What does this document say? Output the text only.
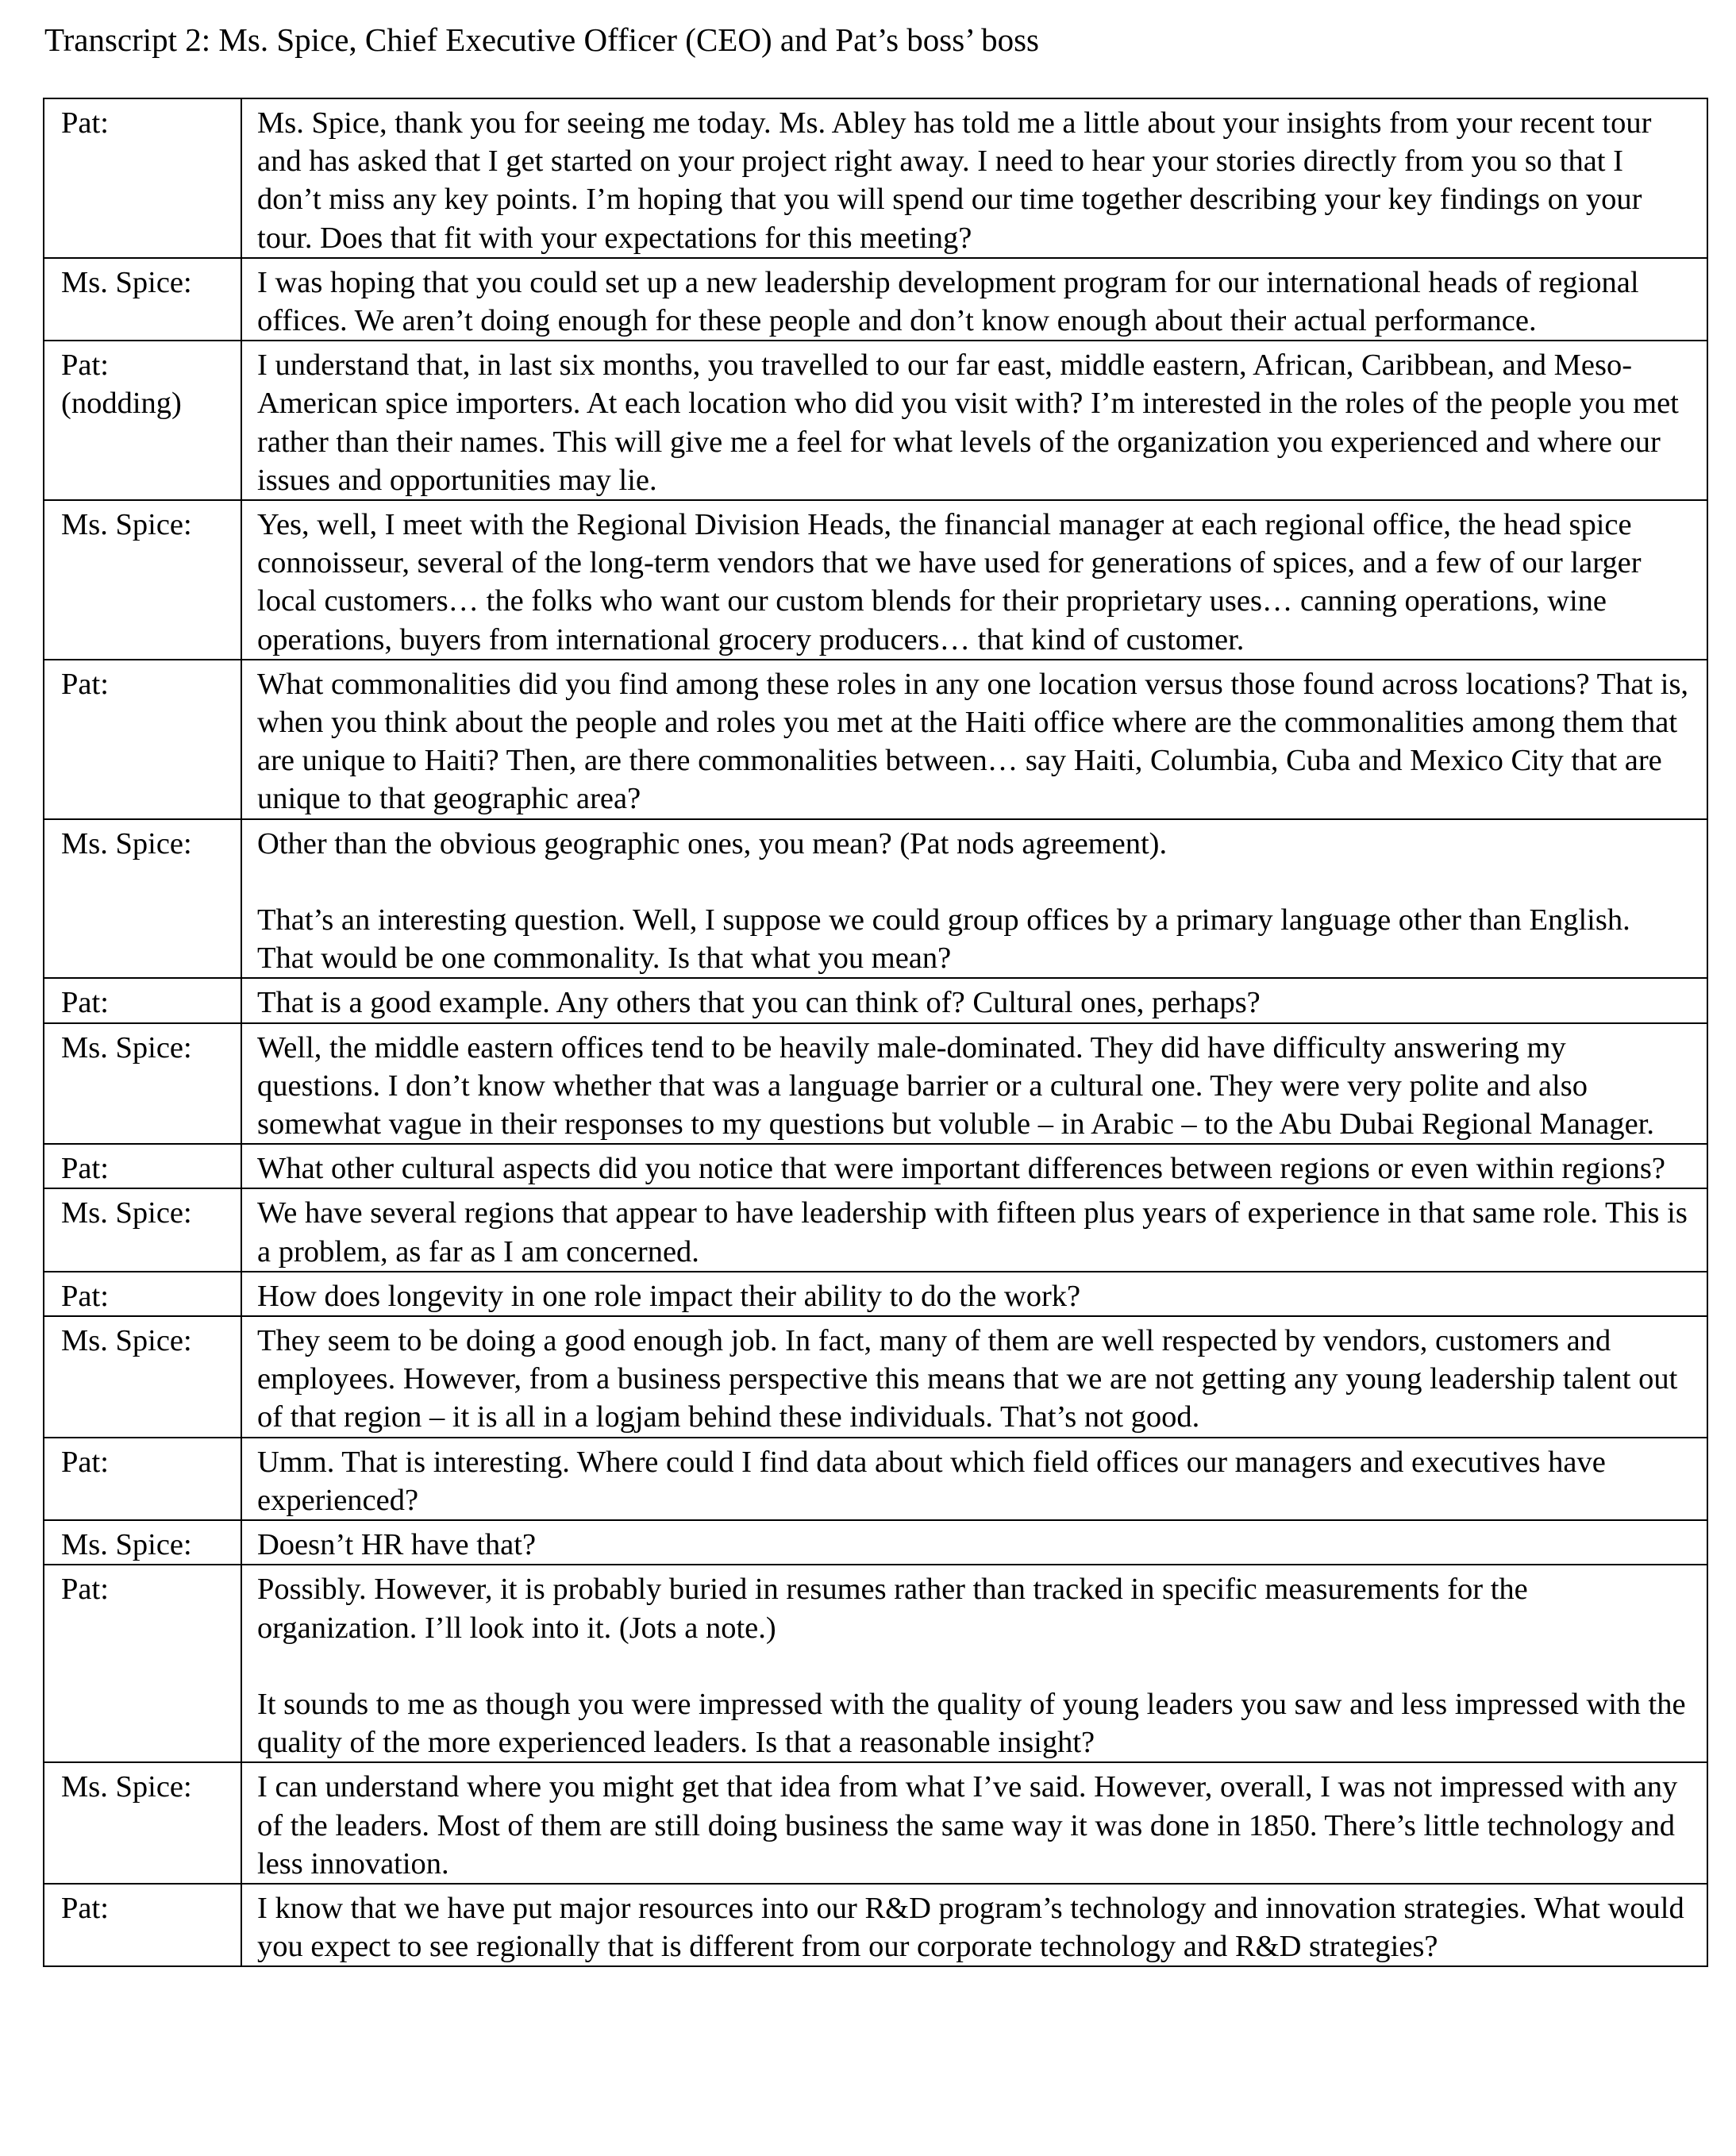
Transcript 2: Ms. Spice, Chief Executive Officer (CEO) and Pat’s boss’ boss
Pat:	Ms. Spice, thank you for seeing me today. Ms. Abley has told me a little about your insights from your recent tour and has asked that I get started on your project right away. I need to hear your stories directly from you so that I don’t miss any key points. I’m hoping that you will spend our time together describing your key findings on your tour. Does that fit with your expectations for this meeting?

Ms. Spice:	I was hoping that you could set up a new leadership development program for our international heads of regional offices. We aren’t doing enough for these people and don’t know enough about their actual performance.

Pat:
(nodding)	I understand that, in last six months, you travelled to our far east, middle eastern, African, Caribbean, and Meso-American spice importers. At each location who did you visit with? I’m interested in the roles of the people you met rather than their names. This will give me a feel for what levels of the organization you experienced and where our issues and opportunities may lie.

Ms. Spice:	Yes, well, I meet with the Regional Division Heads, the financial manager at each regional office, the head spice connoisseur, several of the long-term vendors that we have used for generations of spices, and a few of our larger local customers… the folks who want our custom blends for their proprietary uses… canning operations, wine operations, buyers from international grocery producers… that kind of customer.

Pat:	What commonalities did you find among these roles in any one location versus those found across locations? That is, when you think about the people and roles you met at the Haiti office where are the commonalities among them that are unique to Haiti? Then, are there commonalities between… say Haiti, Columbia, Cuba and Mexico City that are unique to that geographic area?

Ms. Spice:	Other than the obvious geographic ones, you mean? (Pat nods agreement).
That’s an interesting question. Well, I suppose we could group offices by a primary language other than English. That would be one commonality. Is that what you mean?

Pat:	That is a good example. Any others that you can think of? Cultural ones, perhaps?

Ms. Spice:	Well, the middle eastern offices tend to be heavily male-dominated. They did have difficulty answering my questions. I don’t know whether that was a language barrier or a cultural one. They were very polite and also somewhat vague in their responses to my questions but voluble – in Arabic – to the Abu Dubai Regional Manager.

Pat:	What other cultural aspects did you notice that were important differences between regions or even within regions?

Ms. Spice:	We have several regions that appear to have leadership with fifteen plus years of experience in that same role. This is a problem, as far as I am concerned.

Pat:	How does longevity in one role impact their ability to do the work?

Ms. Spice:	They seem to be doing a good enough job. In fact, many of them are well respected by vendors, customers and employees. However, from a business perspective this means that we are not getting any young leadership talent out of that region – it is all in a logjam behind these individuals. That’s not good.

Pat:	Umm. That is interesting. Where could I find data about which field offices our managers and executives have experienced?

Ms. Spice:	Doesn’t HR have that?

Pat:	Possibly. However, it is probably buried in resumes rather than tracked in specific measurements for the organization. I’ll look into it. (Jots a note.)
It sounds to me as though you were impressed with the quality of young leaders you saw and less impressed with the quality of the more experienced leaders. Is that a reasonable insight?

Ms. Spice:	I can understand where you might get that idea from what I’ve said. However, overall, I was not impressed with any of the leaders. Most of them are still doing business the same way it was done in 1850. There’s little technology and less innovation.

Pat:	I know that we have put major resources into our R&D program’s technology and innovation strategies. What would you expect to see regionally that is different from our corporate technology and R&D strategies?
